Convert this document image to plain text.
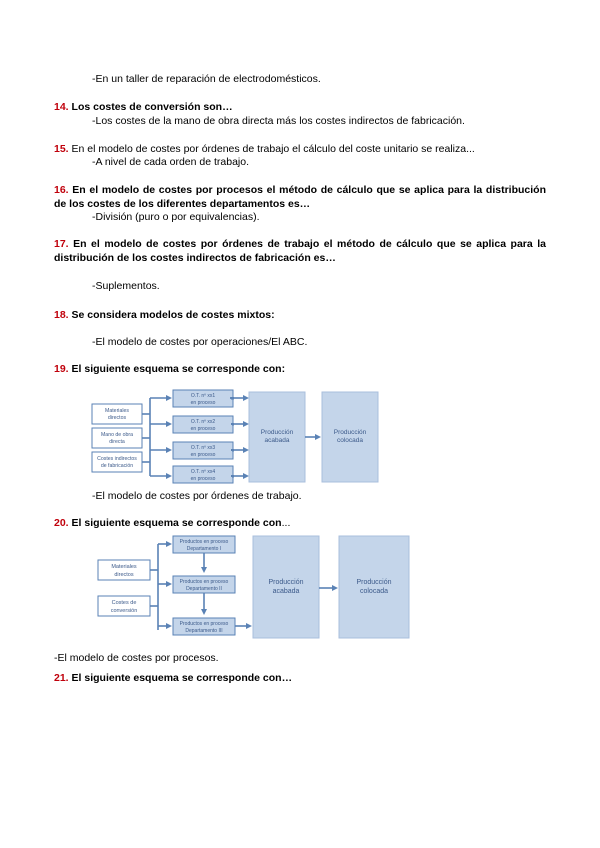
-En un taller de reparación de electrodomésticos.
14. Los costes de conversión son…
-Los costes de la mano de obra directa más los costes indirectos de fabricación.
15. En el modelo de costes por órdenes de trabajo el cálculo del coste unitario se realiza...
-A nivel de cada orden de trabajo.
16. En el modelo de costes por procesos el método de cálculo que se aplica para la distribución de los costes de los diferentes departamentos es…
-División (puro o por equivalencias).
17. En el modelo de costes por órdenes de trabajo el método de cálculo que se aplica para la distribución de los costes indirectos de fabricación es…
-Suplementos.
18. Se considera modelos de costes mixtos:
-El modelo de costes por operaciones/El ABC.
19. El siguiente esquema se corresponde con:
Materiales
directos
Mano de obra
directa
Costes indirectos
de fabricación
O.T. nº xx1
en proceso
O.T. nº xx2
en proceso
O.T. nº xx3
en proceso
O.T. nº xx4
en proceso
Producción
acabada
Producción
colocada
-El modelo de costes por órdenes de trabajo.
20. El siguiente esquema se corresponde con...
Materiales
directos
Costes de
conversión
Productos en proceso
Departamento I
Productos en proceso
Departamento II
Productos en proceso
Departamento III
Producción
acabada
Producción
colocada
-El modelo de costes por procesos.
21. El siguiente esquema se corresponde con…
